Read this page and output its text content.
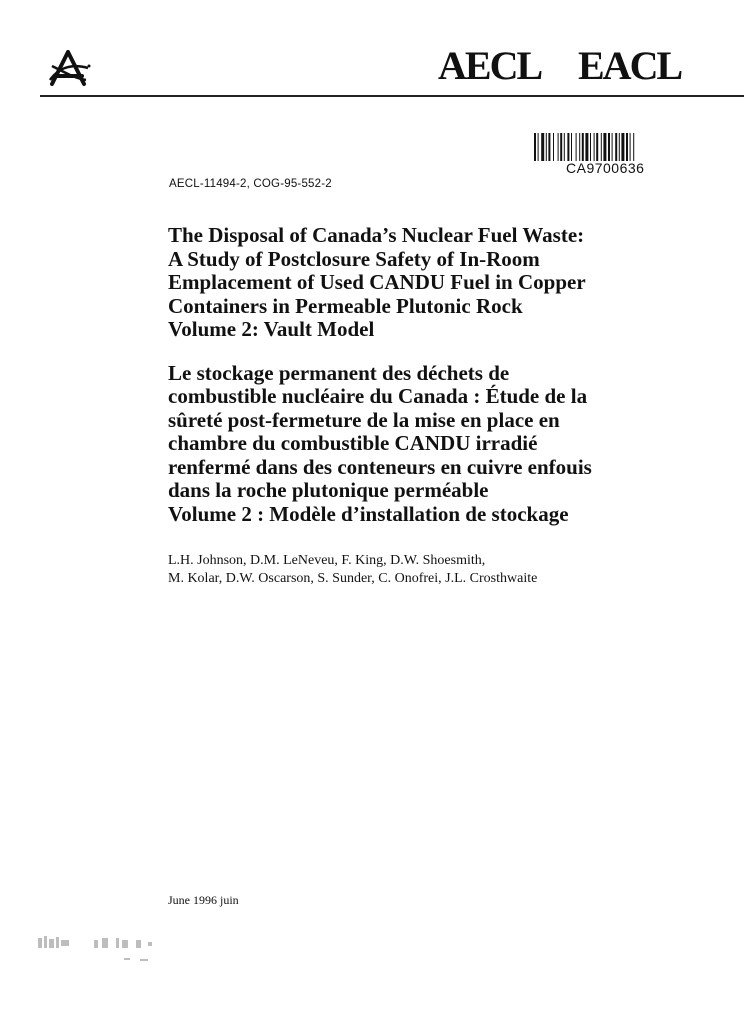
AECL EACL
CA9700636
AECL-11494-2, COG-95-552-2
The Disposal of Canada’s Nuclear Fuel Waste:
A Study of Postclosure Safety of In-Room
Emplacement of Used CANDU Fuel in Copper
Containers in Permeable Plutonic Rock
Volume 2: Vault Model
Le stockage permanent des déchets de
combustible nucléaire du Canada : Étude de la
sûreté post-fermeture de la mise en place en
chambre du combustible CANDU irradié
renfermé dans des conteneurs en cuivre enfouis
dans la roche plutonique perméable
Volume 2 : Modèle d’installation de stockage
L.H. Johnson, D.M. LeNeveu, F. King, D.W. Shoesmith,
M. Kolar, D.W. Oscarson, S. Sunder, C. Onofrei, J.L. Crosthwaite
June 1996 juin
